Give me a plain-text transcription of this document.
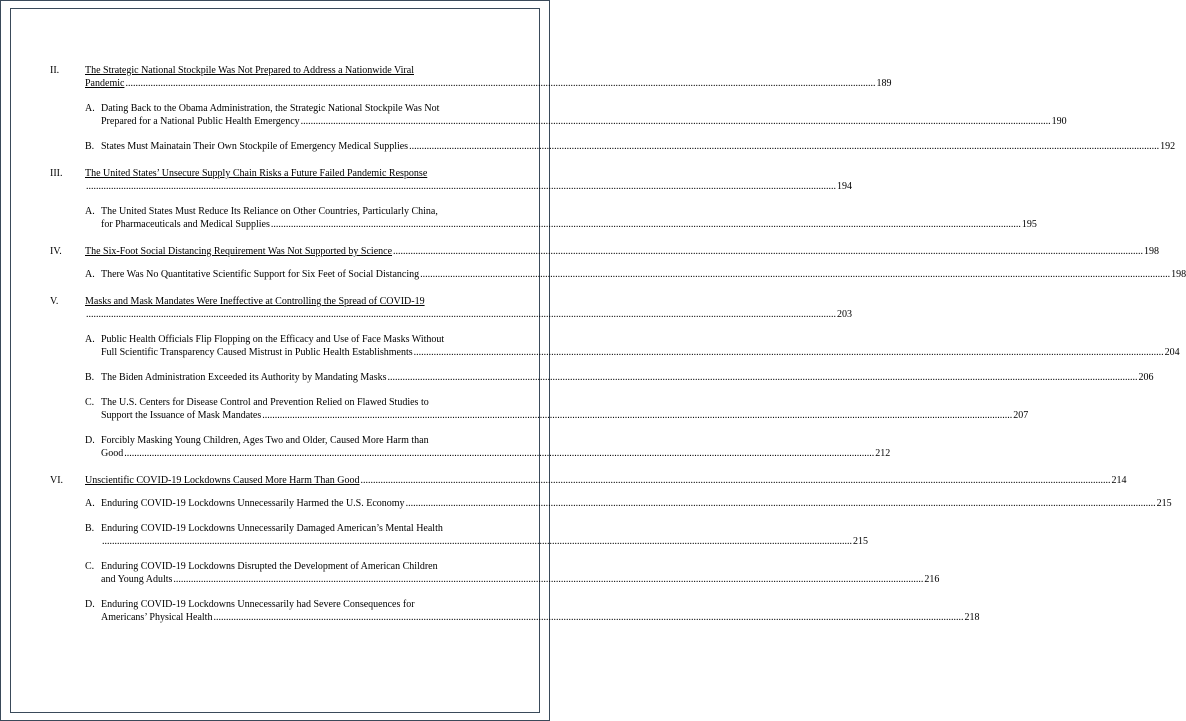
II.	The Strategic National Stockpile Was Not Prepared to Address a Nationwide Viral
Pandemic ............................................................................................................................................................................................................................................................................................................ 189
A. Dating Back to the Obama Administration, the Strategic National Stockpile Was Not
Prepared for a National Public Health Emergency ............................................................................................................................................................................................................................................................................................................ 190
B. States Must Mainatain Their Own Stockpile of Emergency Medical Supplies ............................................................................................................................................................................................................................................................................................................ 192
III.	The United States’ Unsecure Supply Chain Risks a Future Failed Pandemic Response
............................................................................................................................................................................................................................................................................................................ 194
A. The United States Must Reduce Its Reliance on Other Countries, Particularly China,
for Pharmaceuticals and Medical Supplies ............................................................................................................................................................................................................................................................................................................ 195
IV.	The Six-Foot Social Distancing Requirement Was Not Supported by Science ............................................................................................................................................................................................................................................................................................................ 198
A. There Was No Quantitative Scientific Support for Six Feet of Social Distancing ............................................................................................................................................................................................................................................................................................................ 198
V.	Masks and Mask Mandates Were Ineffective at Controlling the Spread of COVID-19
............................................................................................................................................................................................................................................................................................................ 203
A. Public Health Officials Flip Flopping on the Efficacy and Use of Face Masks Without
Full Scientific Transparency Caused Mistrust in Public Health Establishments ............................................................................................................................................................................................................................................................................................................ 204
B. The Biden Administration Exceeded its Authority by Mandating Masks ............................................................................................................................................................................................................................................................................................................ 206
C. The U.S. Centers for Disease Control and Prevention Relied on Flawed Studies to
Support the Issuance of Mask Mandates ............................................................................................................................................................................................................................................................................................................ 207
D. Forcibly Masking Young Children, Ages Two and Older, Caused More Harm than
Good ............................................................................................................................................................................................................................................................................................................ 212
VI.	Unscientific COVID-19 Lockdowns Caused More Harm Than Good ............................................................................................................................................................................................................................................................................................................ 214
A. Enduring COVID-19 Lockdowns Unnecessarily Harmed the U.S. Economy ............................................................................................................................................................................................................................................................................................................ 215
B. Enduring COVID-19 Lockdowns Unnecessarily Damaged American’s Mental Health
............................................................................................................................................................................................................................................................................................................ 215
C. Enduring COVID-19 Lockdowns Disrupted the Development of American Children
and Young Adults ............................................................................................................................................................................................................................................................................................................ 216
D. Enduring COVID-19 Lockdowns Unnecessarily had Severe Consequences for
Americans’ Physical Health ............................................................................................................................................................................................................................................................................................................ 218
